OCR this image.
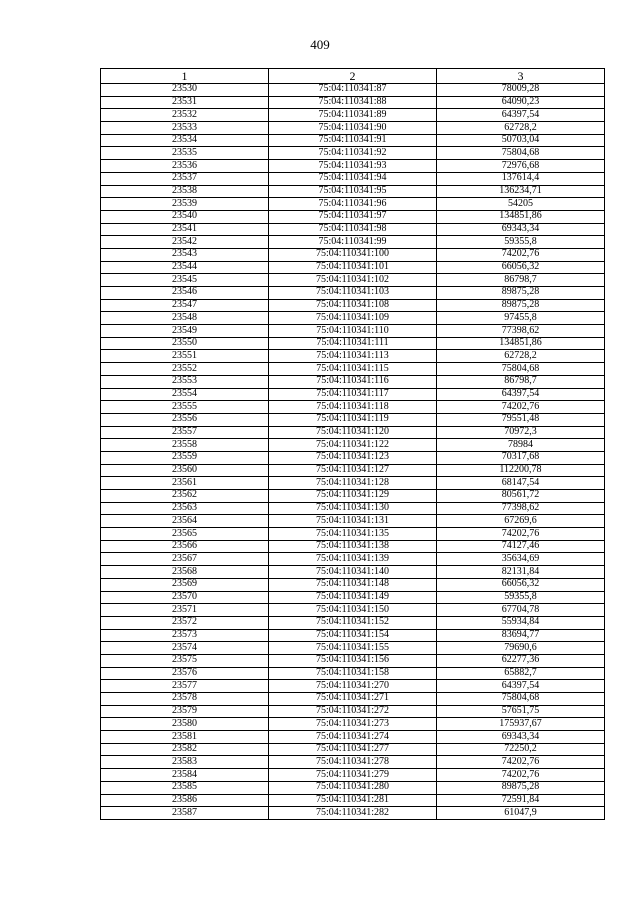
409
1	2	3
23530	75:04:110341:87	78009,28
23531	75:04:110341:88	64090,23
23532	75:04:110341:89	64397,54
23533	75:04:110341:90	62728,2
23534	75:04:110341:91	50703,04
23535	75:04:110341:92	75804,68
23536	75:04:110341:93	72976,68
23537	75:04:110341:94	137614,4
23538	75:04:110341:95	136234,71
23539	75:04:110341:96	54205
23540	75:04:110341:97	134851,86
23541	75:04:110341:98	69343,34
23542	75:04:110341:99	59355,8
23543	75:04:110341:100	74202,76
23544	75:04:110341:101	66056,32
23545	75:04:110341:102	86798,7
23546	75:04:110341:103	89875,28
23547	75:04:110341:108	89875,28
23548	75:04:110341:109	97455,8
23549	75:04:110341:110	77398,62
23550	75:04:110341:111	134851,86
23551	75:04:110341:113	62728,2
23552	75:04:110341:115	75804,68
23553	75:04:110341:116	86798,7
23554	75:04:110341:117	64397,54
23555	75:04:110341:118	74202,76
23556	75:04:110341:119	79551,48
23557	75:04:110341:120	70972,3
23558	75:04:110341:122	78984
23559	75:04:110341:123	70317,68
23560	75:04:110341:127	112200,78
23561	75:04:110341:128	68147,54
23562	75:04:110341:129	80561,72
23563	75:04:110341:130	77398,62
23564	75:04:110341:131	67269,6
23565	75:04:110341:135	74202,76
23566	75:04:110341:138	74127,46
23567	75:04:110341:139	35634,69
23568	75:04:110341:140	82131,84
23569	75:04:110341:148	66056,32
23570	75:04:110341:149	59355,8
23571	75:04:110341:150	67704,78
23572	75:04:110341:152	55934,84
23573	75:04:110341:154	83694,77
23574	75:04:110341:155	79690,6
23575	75:04:110341:156	62277,36
23576	75:04:110341:158	65882,7
23577	75:04:110341:270	64397,54
23578	75:04:110341:271	75804,68
23579	75:04:110341:272	57651,75
23580	75:04:110341:273	175937,67
23581	75:04:110341:274	69343,34
23582	75:04:110341:277	72250,2
23583	75:04:110341:278	74202,76
23584	75:04:110341:279	74202,76
23585	75:04:110341:280	89875,28
23586	75:04:110341:281	72591,84
23587	75:04:110341:282	61047,9
